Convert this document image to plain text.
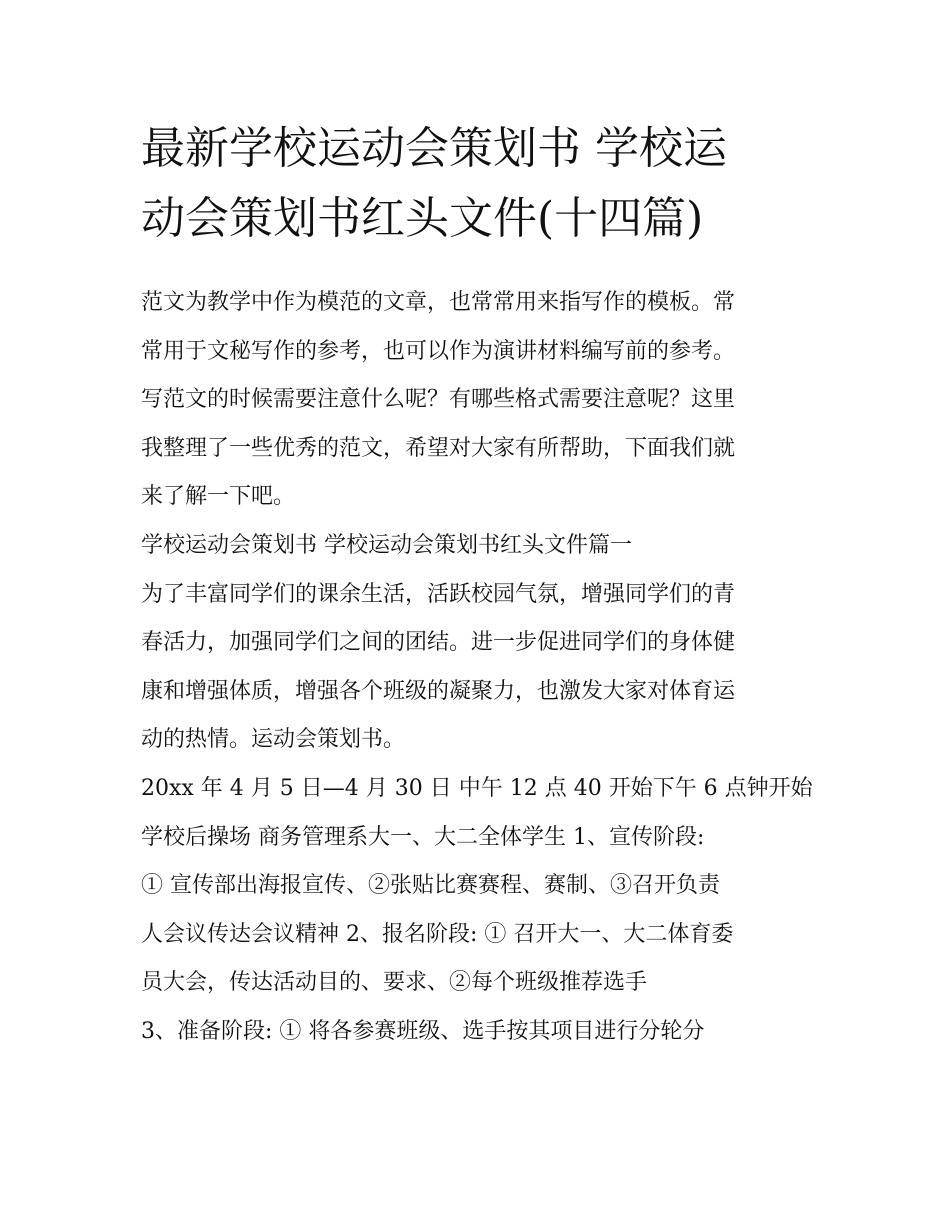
最新学校运动会策划书 学校运
动会策划书红头文件(十四篇)
范文为教学中作为模范的文章，也常常用来指写作的模板。常
常用于文秘写作的参考，也可以作为演讲材料编写前的参考。
写范文的时候需要注意什么呢？有哪些格式需要注意呢？这里
我整理了一些优秀的范文，希望对大家有所帮助，下面我们就
来了解一下吧。
学校运动会策划书 学校运动会策划书红头文件篇一
为了丰富同学们的课余生活，活跃校园气氛，增强同学们的青
春活力，加强同学们之间的团结。进一步促进同学们的身体健
康和增强体质，增强各个班级的凝聚力，也激发大家对体育运
动的热情。运动会策划书。
20xx 年 4 月 5 日—4 月 30 日 中午 12 点 40 开始下午 6 点钟开始
学校后操场 商务管理系大一、大二全体学生 1、宣传阶段:
① 宣传部出海报宣传、②张贴比赛赛程、赛制、③召开负责
人会议传达会议精神 2、报名阶段: ① 召开大一、大二体育委
员大会，传达活动目的、要求、②每个班级推荐选手
3、准备阶段: ① 将各参赛班级、选手按其项目进行分轮分
